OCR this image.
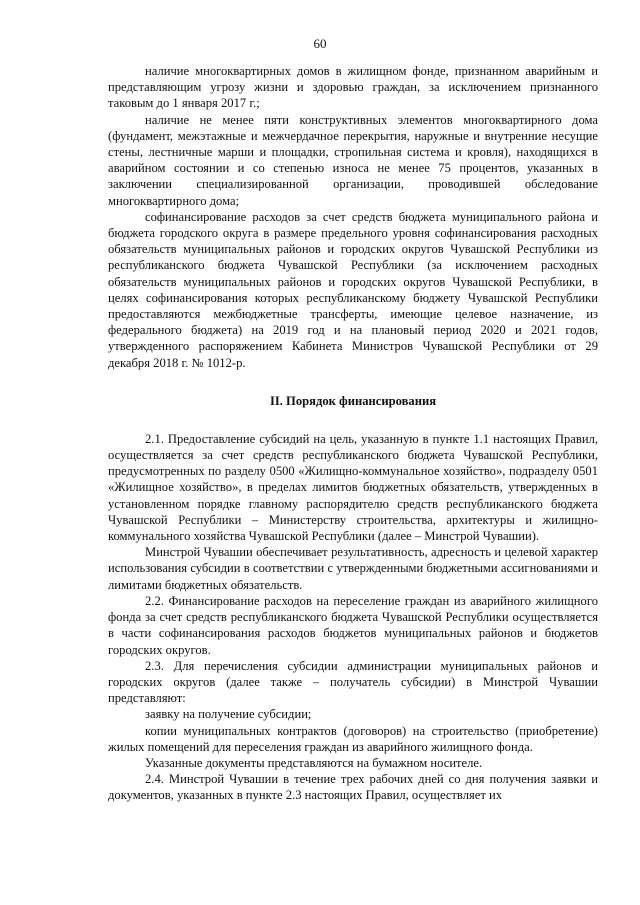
60

наличие многоквартирных домов в жилищном фонде, признанном аварийным и представляющим угрозу жизни и здоровью граждан, за исключением признанного таковым до 1 января 2017 г.;

наличие не менее пяти конструктивных элементов многоквартирного дома (фундамент, межэтажные и межчердачное перекрытия, наружные и внутренние несущие стены, лестничные марши и площадки, стропильная система и кровля), находящихся в аварийном состоянии и со степенью износа не менее 75 процентов, указанных в заключении специализированной организации, проводившей обследование многоквартирного дома;

софинансирование расходов за счет средств бюджета муниципального района и бюджета городского округа в размере предельного уровня софинансирования расходных обязательств муниципальных районов и городских округов Чувашской Республики из республиканского бюджета Чувашской Республики (за исключением расходных обязательств муниципальных районов и городских округов Чувашской Республики, в целях софинансирования которых республиканскому бюджету Чувашской Республики предоставляются межбюджетные трансферты, имеющие целевое назначение, из федерального бюджета) на 2019 год и на плановый период 2020 и 2021 годов, утвержденного распоряжением Кабинета Министров Чувашской Республики от 29 декабря 2018 г. № 1012-р.

II. Порядок финансирования

2.1. Предоставление субсидий на цель, указанную в пункте 1.1 настоящих Правил, осуществляется за счет средств республиканского бюджета Чувашской Республики, предусмотренных по разделу 0500 «Жилищно-коммунальное хозяйство», подразделу 0501 «Жилищное хозяйство», в пределах лимитов бюджетных обязательств, утвержденных в установленном порядке главному распорядителю средств республиканского бюджета Чувашской Республики – Министерству строительства, архитектуры и жилищно-коммунального хозяйства Чувашской Республики (далее – Минстрой Чувашии).

Минстрой Чувашии обеспечивает результативность, адресность и целевой характер использования субсидии в соответствии с утвержденными бюджетными ассигнованиями и лимитами бюджетных обязательств.

2.2. Финансирование расходов на переселение граждан из аварийного жилищного фонда за счет средств республиканского бюджета Чувашской Республики осуществляется в части софинансирования расходов бюджетов муниципальных районов и бюджетов городских округов.

2.3. Для перечисления субсидии администрации муниципальных районов и городских округов (далее также – получатель субсидии) в Минстрой Чувашии представляют:

заявку на получение субсидии;

копии муниципальных контрактов (договоров) на строительство (приобретение) жилых помещений для переселения граждан из аварийного жилищного фонда.

Указанные документы представляются на бумажном носителе.

2.4. Минстрой Чувашии в течение трех рабочих дней со дня получения заявки и документов, указанных в пункте 2.3 настоящих Правил, осуществляет их
